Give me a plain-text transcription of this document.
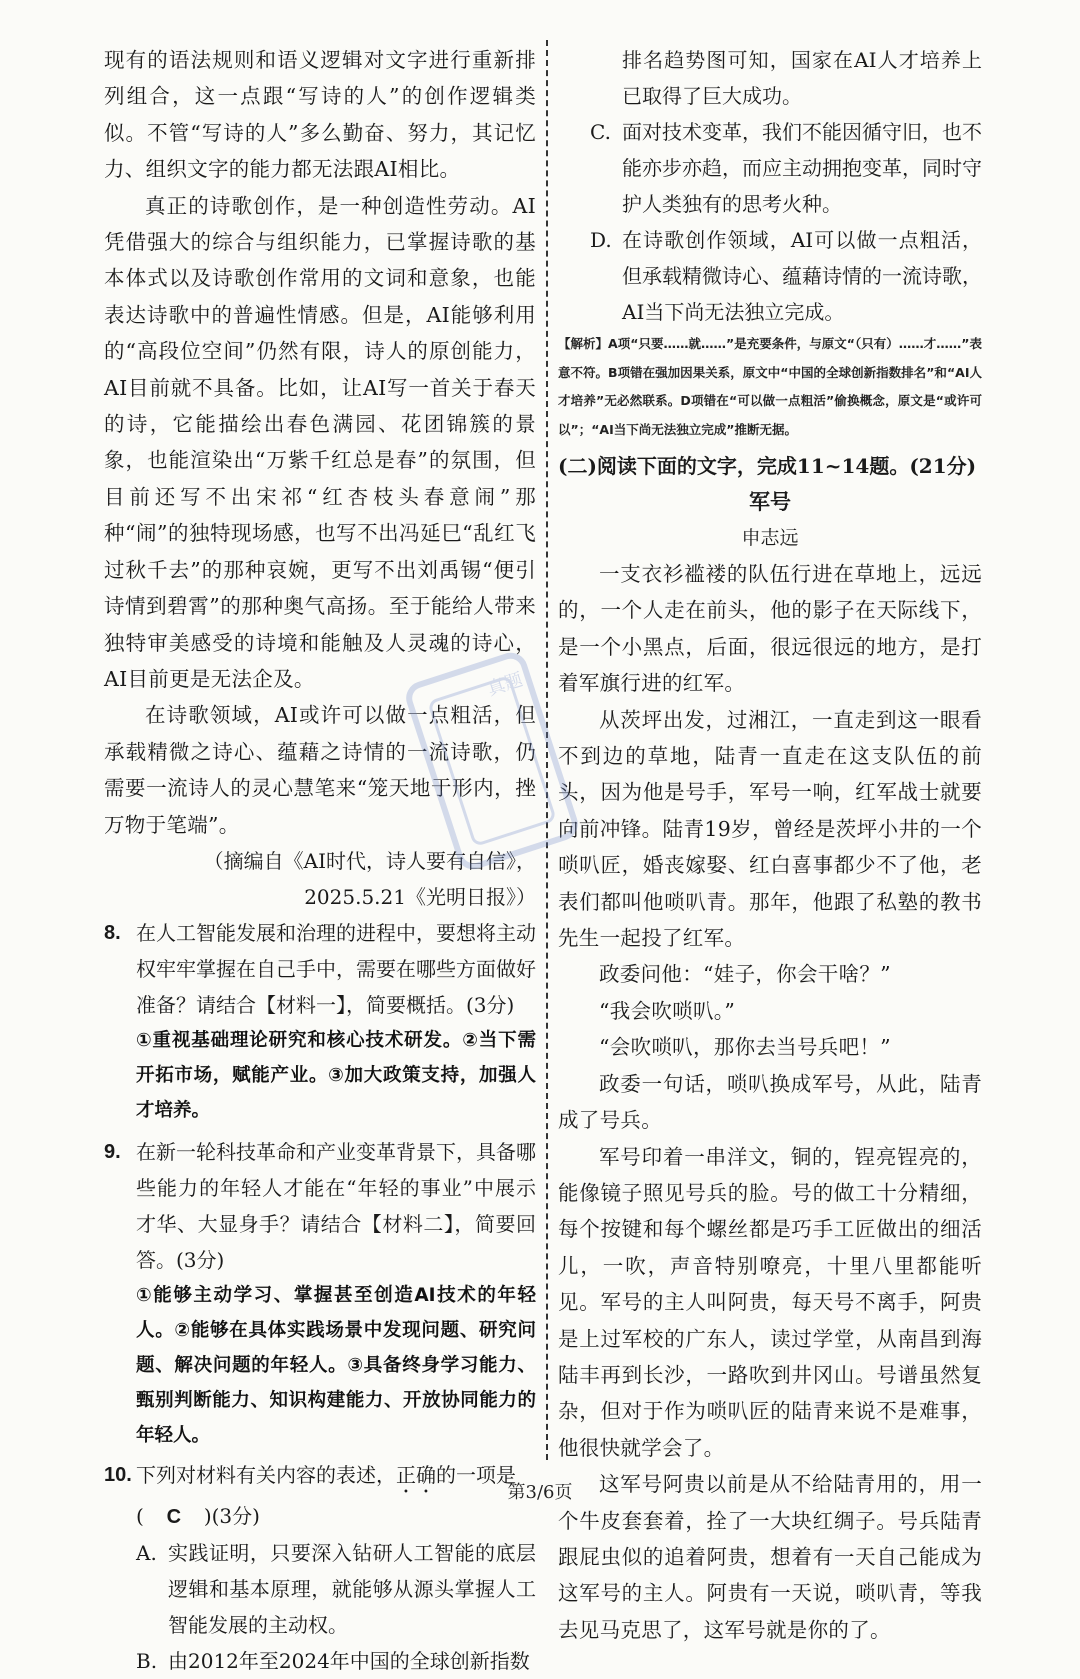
现有的语法规则和语义逻辑对文字进行重新排列组合，这一点跟“写诗的人”的创作逻辑类似。不管“写诗的人”多么勤奋、努力，其记忆力、组织文字的能力都无法跟AI相比。

真正的诗歌创作，是一种创造性劳动。AI凭借强大的综合与组织能力，已掌握诗歌的基本体式以及诗歌创作常用的文词和意象，也能表达诗歌中的普遍性情感。但是，AI能够利用的“高段位空间”仍然有限，诗人的原创能力，AI目前就不具备。比如，让AI写一首关于春天的诗，它能描绘出春色满园、花团锦簇的景象，也能渲染出“万紫千红总是春”的氛围，但目前还写不出宋祁“红杏枝头春意闹”那种“闹”的独特现场感，也写不出冯延巳“乱红飞过秋千去”的那种哀婉，更写不出刘禹锡“便引诗情到碧霄”的那种奥气高扬。至于能给人带来独特审美感受的诗境和能触及人灵魂的诗心，AI目前更是无法企及。

在诗歌领域，AI或许可以做一点粗活，但承载精微之诗心、蕴藉之诗情的一流诗歌，仍需要一流诗人的灵心慧笔来“笼天地于形内，挫万物于笔端”。

（摘编自《AI时代，诗人要有自信》，

2025.5.21《光明日报》）

8. 在人工智能发展和治理的进程中，要想将主动权牢牢掌握在自己手中，需要在哪些方面做好准备？请结合【材料一】，简要概括。(3分)

①重视基础理论研究和核心技术研发。②当下需开拓市场，赋能产业。③加大政策支持，加强人才培养。

9. 在新一轮科技革命和产业变革背景下，具备哪些能力的年轻人才能在“年轻的事业”中展示才华、大显身手？请结合【材料二】，简要回答。(3分)

①能够主动学习、掌握甚至创造AI技术的年轻人。②能够在具体实践场景中发现问题、研究问题、解决问题的年轻人。③具备终身学习能力、甄别判断能力、知识构建能力、开放协同能力的年轻人。

10. 下列对材料有关内容的表述，正确的一项是
( C )(3分)
A. 实践证明，只要深入钻研人工智能的底层逻辑和基本原理，就能够从源头掌握人工智能发展的主动权。
B. 由2012年至2024年中国的全球创新指数
排名趋势图可知，国家在AI人才培养上已取得了巨大成功。
C. 面对技术变革，我们不能因循守旧，也不能亦步亦趋，而应主动拥抱变革，同时守护人类独有的思考火种。
D. 在诗歌创作领域，AI可以做一点粗活，但承载精微诗心、蕴藉诗情的一流诗歌，AI当下尚无法独立完成。

【解析】A项“只要……就……”是充要条件，与原文“（只有）……才……”表意不符。B项错在强加因果关系，原文中“中国的全球创新指数排名”和“AI人才培养”无必然联系。D项错在“可以做一点粗活”偷换概念，原文是“或许可以”；“AI当下尚无法独立完成”推断无据。

(二)阅读下面的文字，完成11~14题。(21分)

军号

申志远

一支衣衫褴褛的队伍行进在草地上，远远的，一个人走在前头，他的影子在天际线下，是一个小黑点，后面，很远很远的地方，是打着军旗行进的红军。

从茨坪出发，过湘江，一直走到这一眼看不到边的草地，陆青一直走在这支队伍的前头，因为他是号手，军号一响，红军战士就要向前冲锋。陆青19岁，曾经是茨坪小井的一个唢叭匠，婚丧嫁娶、红白喜事都少不了他，老表们都叫他唢叭青。那年，他跟了私塾的教书先生一起投了红军。

政委问他：“娃子，你会干啥？”

“我会吹唢叭。”

“会吹唢叭，那你去当号兵吧！”

政委一句话，唢叭换成军号，从此，陆青成了号兵。

军号印着一串洋文，铜的，锃亮锃亮的，能像镜子照见号兵的脸。号的做工十分精细，每个按键和每个螺丝都是巧手工匠做出的细活儿，一吹，声音特别嘹亮，十里八里都能听见。军号的主人叫阿贵，每天号不离手，阿贵是上过军校的广东人，读过学堂，从南昌到海陆丰再到长沙，一路吹到井冈山。号谱虽然复杂，但对于作为唢叭匠的陆青来说不是难事，他很快就学会了。

这军号阿贵以前是从不给陆青用的，用一个牛皮套套着，拴了一大块红绸子。号兵陆青跟屁虫似的追着阿贵，想着有一天自己能成为这军号的主人。阿贵有一天说，唢叭青，等我去见马克思了，这军号就是你的了。

真题
第3/6页
